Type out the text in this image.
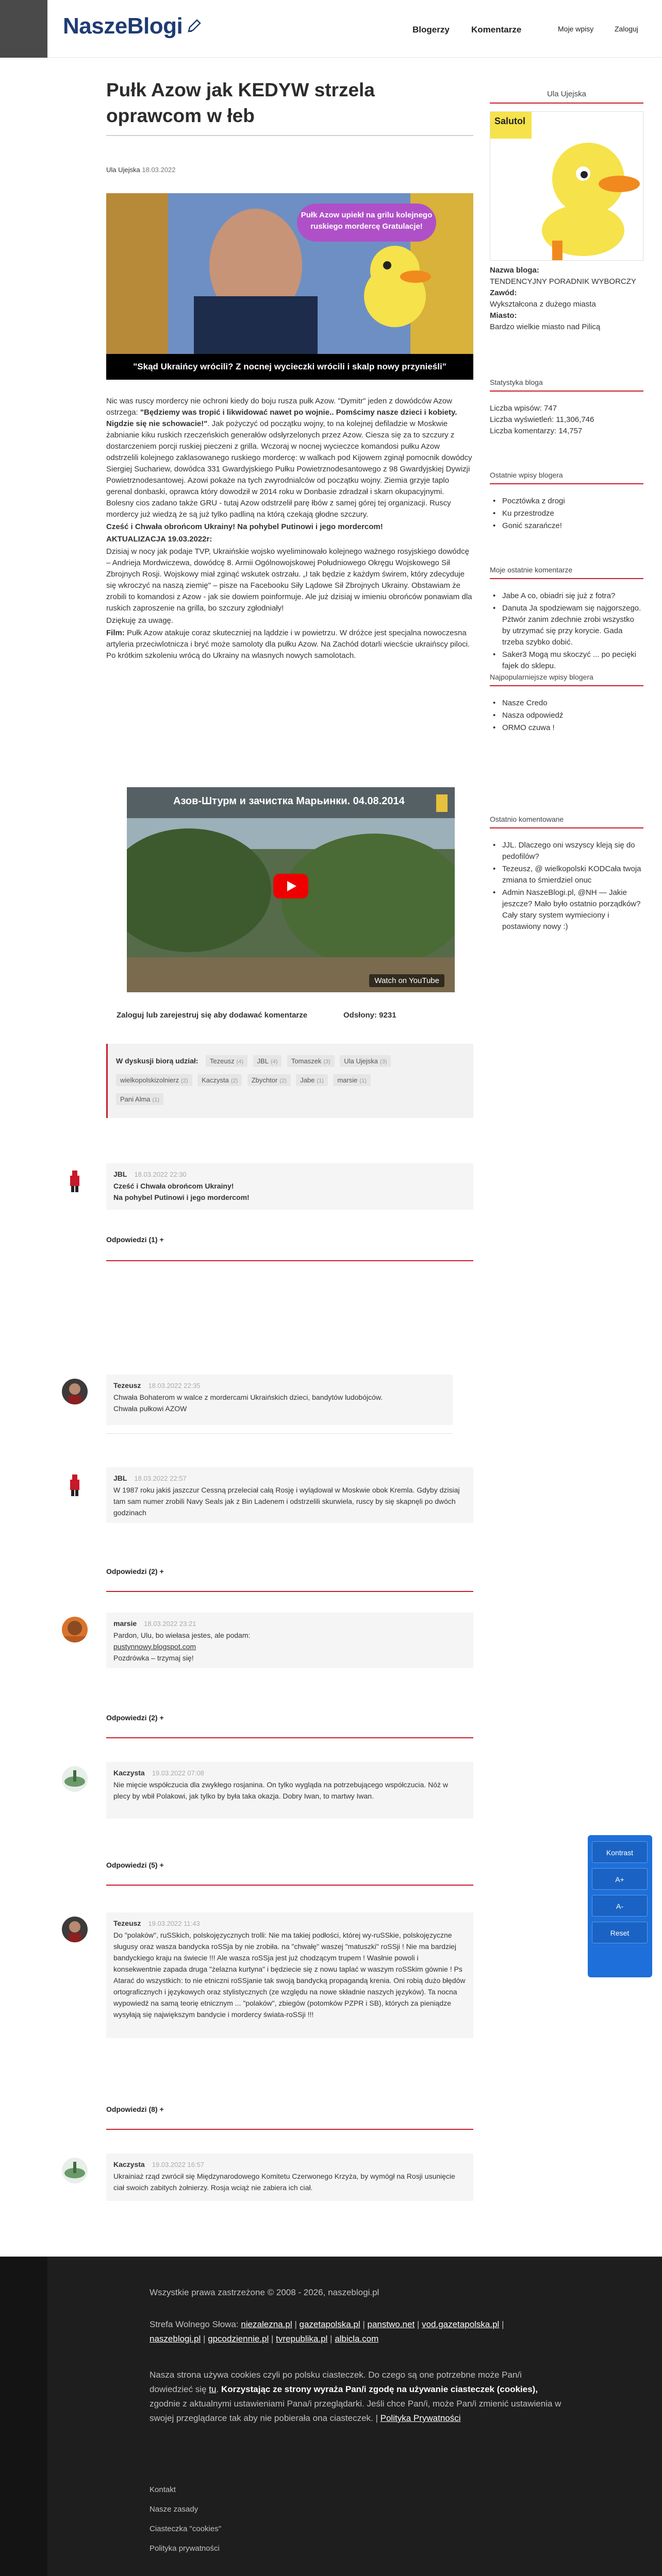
NaszeBlogi	Blogerzy Komentarze	Moje wpisy	Zaloguj
Pułk Azow jak KEDYW strzela oprawcom w łeb
Ula Ujejska 18.03.2022
Pułk Azow upiekł na grilu kolejnego ruskiego mordercę Gratulacje!
"Skąd Ukraińcy wrócili? Z nocnej wycieczki wrócili i skalp nowy przynieśli"

Nic was ruscy mordercy nie ochroni kiedy do boju rusza pułk Azow. "Dymitr" jeden z dowódców Azow ostrzega: "Będziemy was tropić i likwidować nawet po wojnie.. Pomścimy nasze dzieci i kobiety. Nigdzie się nie schowacie!". Jak pożyczyć od początku wojny, to na kolejnej defiladzie w Moskwie żabnianie kiku ruskich rzeczeńskich generałów odsłyrzelonych przez Azow. Ciesza się za to szczury z dostarczeniem porcji ruskiej pieczeni z grilla. Wczoraj w nocnej wycieczce komandosi pułku Azow odstrzelili kolejnego zaklasowanego ruskiego mordercę: w walkach pod Kijowem zginął pomocnik dowódcy Siergiej Suchariew, dowódca 331 Gwardyjskiego Pułku Powietrznodesantowego z 98 Gwardyjskiej Dywizji Powietrznodesantowej. Azowi pokaże na tych zwyrodnialców od początku wojny. Ziemia grzyje taplo gerenal donbaski, oprawca który dowodził w 2014 roku w Donbasie zdradzał i skarn okupacyjnymi. Bolesny cios zadano także GRU - tutaj Azow odstrzelił parę łbów z samej górej tej organizacji. Ruscy mordercy już wiedzą że są już tylko padliną na którą czekają głodne szczury.

Cześć i Chwała obrońcom Ukrainy! Na pohybel Putinowi i jego mordercom!

AKTUALIZACJA 19.03.2022r:

Dzisiaj w nocy jak podaje TVP, Ukraińskie wojsko wyeliminowało kolejnego ważnego rosyjskiego dowódcę – Andrieja Mordwiczewa, dowódcę 8. Armii Ogólnowojskowej Południowego Okręgu Wojskowego Sił Zbrojnych Rosji. Wojskowy miał zginąć wskutek ostrzału. „I tak będzie z każdym świrem, który zdecyduje się wkroczyć na naszą ziemię" – pisze na Facebooku Siły Lądowe Sił Zbrojnych Ukrainy. Obstawiam że zrobili to komandosi z Azow - jak sie dowiem poinformuje. Ale już dzisiaj w imieniu obrońców ponawiam dla ruskich zaproszenie na grilla, bo szczury zgłodniały!

Dziękuję za uwagę.

Film: Pułk Azow atakuje coraz skuteczniej na ląddzie i w powietrzu. W dróżce jest specjalna nowoczesna artyleria przeciwlotnicza i bryć może samoloty dla pułku Azow. Na Zachód dotarli wiecście ukraińscy piloci. Po krótkim szkoleniu wrócą do Ukrainy na wlasnych nowych samolotach.

Азов-Штурм и зачистка Марьинки. 04.08.2014
Watch on YouTube
Zaloguj lub zarejestruj się aby dodawać komentarze	Odsłony: 9231
W dyskusji biorą udział: Tezeusz (4) JBL (4) Tomaszek (3) Ula Ujejska (3)
wielkopolskizolnierz (2) Kaczysta (2) Zbychtor (2) Jabe (1) marsie (1)
Pani Alma (1)
JBL 18.03.2022 22:30
Cześć i Chwała obrońcom Ukrainy!
Na pohybel Putinowi i jego mordercom!
Odpowiedzi (1) +
Tezeusz 18.03.2022 22:35
Chwała Bohaterom w walce z mordercami Ukraińskich dzieci, bandytów ludobójców.
Chwała pułkowi AZOW
JBL 18.03.2022 22:57
W 1987 roku jakiś jaszczur Cessną przeleciał całą Rosję i wylądował w Moskwie obok Kremla. Gdyby dzisiaj tam sam numer zrobili Navy Seals jak z Bin Ladenem i odstrzelili skurwiela, ruscy by się skapnęli po dwóch godzinach
Odpowiedzi (2) +
marsie 18.03.2022 23:21
Pardon, Ulu, bo wiełasa jestes, ale podam:
pustynnowy.blogspot.com
Pozdrówka – trzymaj się!
Odpowiedzi (2) +
Kaczysta 19.03.2022 07:08
Nie mięcie współczucia dla zwykłego rosjanina. On tylko wygląda na potrzebującego współczucia. Nóż w plecy by wbił Polakowi, jak tylko by była taka okazja. Dobry Iwan, to martwy Iwan.
Odpowiedzi (5) +
Tezeusz 19.03.2022 11:43
Do "polaków", ruSSkich, polskojęzycznych trolli: Nie ma takiej podłości, której wy-ruSSkie, polskojęzyczne sługusy oraz wasza bandycka roSSja by nie zrobiła. na "chwałę" waszej "matuszki" roSSji ! Nie ma bardziej bandyckiego kraju na świecie !!! Ale wasza roSSja jest już chodzącym trupem ! Wasłnie powoli i konsekwentnie zapada druga "żelazna kurtyna" i będziecie się z nowu taplać w waszym roSSkim gównie ! Ps Atarać do wszystkich: to nie etniczni roSSjanie tak swoją bandycką propagandą krenia. Oni robią dużo błędów ortograficznych i językowych oraz stylistycznych (ze względu na nowe składnie naszych języków). Ta nocna wypowiedź na samą teorię etnicznym ... "polaków", zbiegów (potomków PZPR i SB), których za pieniądze wysyłają się największym bandycie i mordercy świata-roSSji !!!
Odpowiedzi (8) +
Kaczysta 19.03.2022 16:57
Ukrainiaż rząd zwrócił się Międzynarodowego Komitetu Czerwonego Krzyża, by wymógł na Rosji usunięcie ciał swoich zabitych żołnierzy. Rosja wciąż nie zabiera ich ciał.
Ula Ujejska
Salutol
Nazwa bloga:
TENDENCYJNY PORADNIK WYBORCZY
Zawód:
Wykształcona z dużego miasta
Miasto:
Bardzo wielkie miasto nad Pilicą
Statystyka bloga
Liczba wpisów: 747
Liczba wyświetleń: 11,306,746
Liczba komentarzy: 14,757
Ostatnie wpisy blogera
• Pocztówka z drogi
• Ku przestrodze
• Gonić szarańcze!
Moje ostatnie komentarze
• Jabe A co, obiadri się już z fotra?
• Danuta Ja spodziewam się najgorszego. Pżtwór zanim zdechnie zrobi wszystko by utrzymać się przy korycie. Gada trzeba szybko dobić.
• Saker3 Mogą mu skoczyć ... po pecięki fajek do sklepu.
Najpopularniejsze wpisy blogera
• Nasze Credo
• Nasza odpowiedź
• ORMO czuwa !
Ostatnio komentowane
• JJL. Dlaczego oni wszyscy kleją się do pedofilów?
• Tezeusz, @ wielkopolski KODCała twoja zmiana to śmierdziel onuc
• Admin NaszeBlogi.pl, @NH — Jakie jeszcze? Mało było ostatnio porządków? Cały stary system wymieciony i postawiony nowy :)
Kontrast
A+
A-
Reset
Wszystkie prawa zastrzeżone © 2008 - 2026, naszeblogi.pl
Strefa Wolnego Słowa: niezalezna.pl | gazetapolska.pl | panstwo.net | vod.gazetapolska.pl |
naszeblogi.pl | gpcodziennie.pl | tvrepublika.pl | albicla.com
Nasza strona używa cookies czyli po polsku ciasteczek. Do czego są one potrzebne może Pan/i dowiedzieć się tu. Korzystając ze strony wyraża Pan/i zgodę na używanie ciasteczek (cookies), zgodnie z aktualnymi ustawieniami Pana/i przeglądarki. Jeśli chce Pan/i, może Pan/i zmienić ustawienia w swojej przeglądarce tak aby nie pobierała ona ciasteczek. | Polityka Prywatności
Kontakt
Nasze zasady
Ciasteczka "cookies"
Polityka prywatności
